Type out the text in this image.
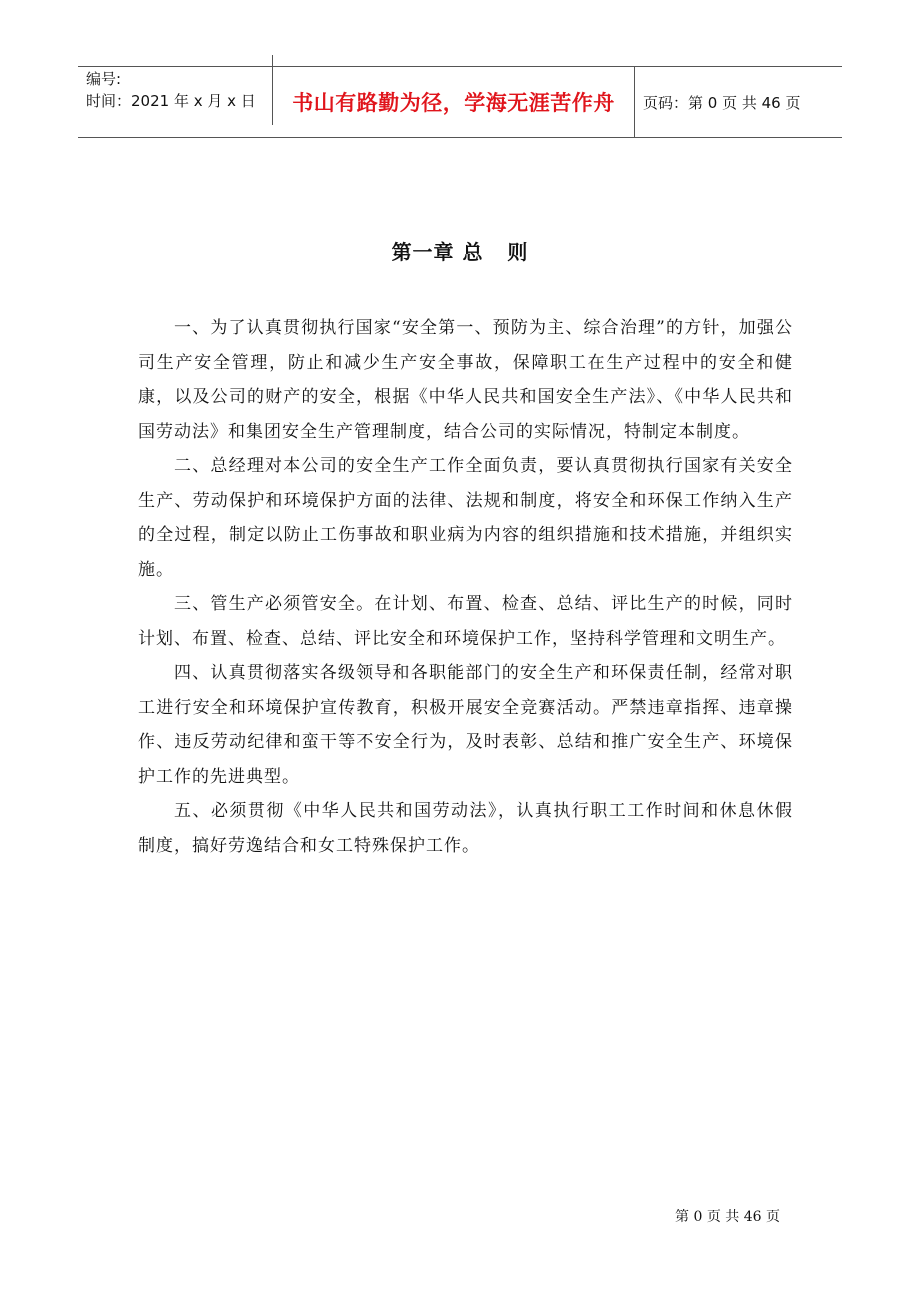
编号:
时间：2021 年 x 月 x 日	书山有路勤为径，学海无涯苦作舟	页码：第 0 页 共 46 页
第一章 总   则

一、为了认真贯彻执行国家“安全第一、预防为主、综合治理”的方针，加强公司生产安全管理，防止和减少生产安全事故，保障职工在生产过程中的安全和健康，以及公司的财产的安全，根据《中华人民共和国安全生产法》、《中华人民共和国劳动法》和集团安全生产管理制度，结合公司的实际情况，特制定本制度。

二、总经理对本公司的安全生产工作全面负责，要认真贯彻执行国家有关安全生产、劳动保护和环境保护方面的法律、法规和制度，将安全和环保工作纳入生产的全过程，制定以防止工伤事故和职业病为内容的组织措施和技术措施，并组织实施。

三、管生产必须管安全。在计划、布置、检查、总结、评比生产的时候，同时计划、布置、检查、总结、评比安全和环境保护工作，坚持科学管理和文明生产。

四、认真贯彻落实各级领导和各职能部门的安全生产和环保责任制，经常对职工进行安全和环境保护宣传教育，积极开展安全竞赛活动。严禁违章指挥、违章操作、违反劳动纪律和蛮干等不安全行为，及时表彰、总结和推广安全生产、环境保护工作的先进典型。

五、必须贯彻《中华人民共和国劳动法》，认真执行职工工作时间和休息休假制度，搞好劳逸结合和女工特殊保护工作。

第 0 页 共 46 页
